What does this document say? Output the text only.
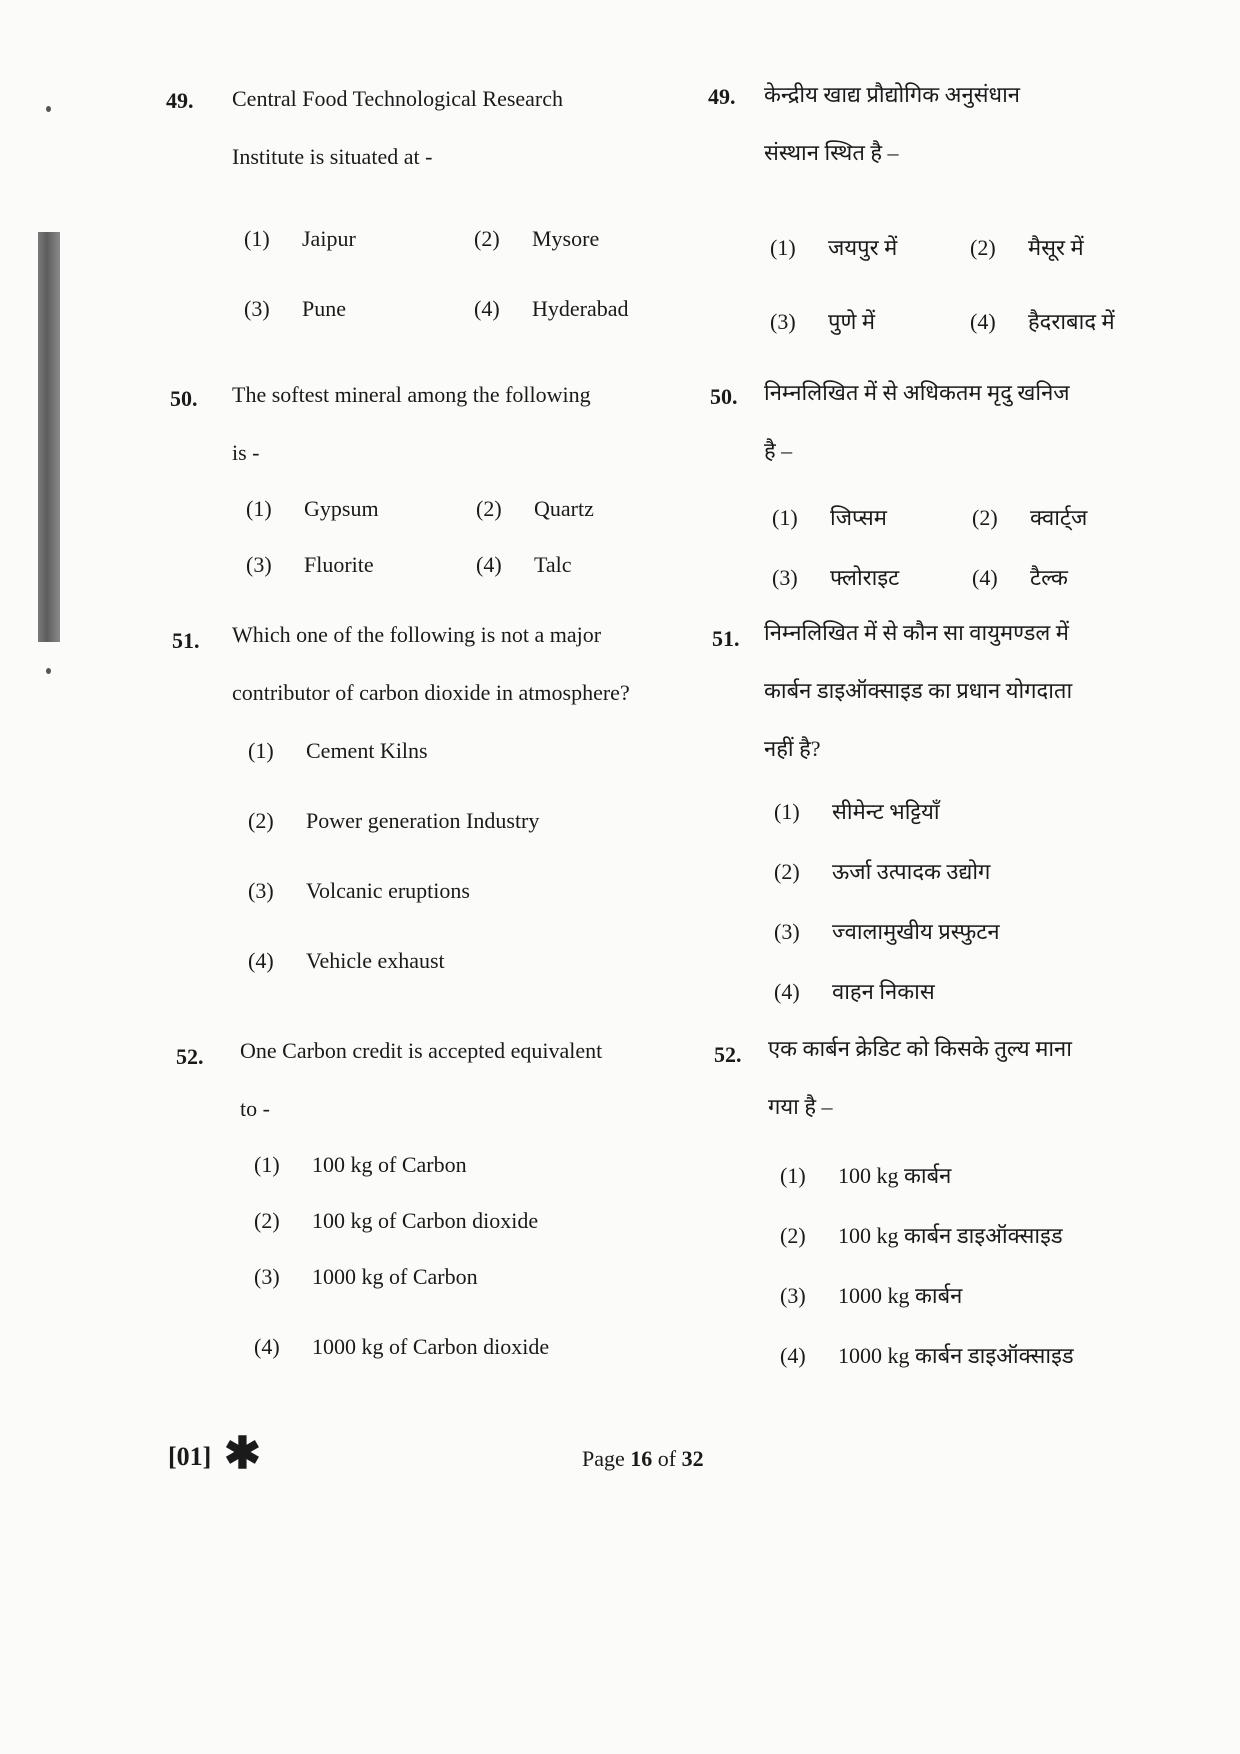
49. Central Food Technological Research
Institute is situated at -
(1) Jaipur	(2) Mysore
(3) Pune	(4) Hyderabad
50. The softest mineral among the following
is -
(1) Gypsum	(2) Quartz
(3) Fluorite	(4) Talc
51. Which one of the following is not a major
contributor of carbon dioxide in atmosphere?
(1) Cement Kilns
(2) Power generation Industry
(3) Volcanic eruptions
(4) Vehicle exhaust
52. One Carbon credit is accepted equivalent
to -
(1) 100 kg of Carbon
(2) 100 kg of Carbon dioxide
(3) 1000 kg of Carbon
(4) 1000 kg of Carbon dioxide
49. केन्द्रीय खाद्य प्रौद्योगिक अनुसंधान
संस्थान स्थित है –
(1) जयपुर में	(2) मैसूर में
(3) पुणे में	(4) हैदराबाद में
50. निम्नलिखित में से अधिकतम मृदु खनिज
है –
(1) जिप्सम	(2) क्वार्ट्ज
(3) फ्लोराइट	(4) टैल्क
51. निम्नलिखित में से कौन सा वायुमण्डल में
कार्बन डाइऑक्साइड का प्रधान योगदाता
नहीं है?
(1) सीमेन्ट भट्टियाँ
(2) ऊर्जा उत्पादक उद्योग
(3) ज्वालामुखीय प्रस्फुटन
(4) वाहन निकास
52. एक कार्बन क्रेडिट को किसके तुल्य माना
गया है –
(1) 100 kg कार्बन
(2) 100 kg कार्बन डाइऑक्साइड
(3) 1000 kg कार्बन
(4) 1000 kg कार्बन डाइऑक्साइड
[01] ✱	Page 16 of 32
